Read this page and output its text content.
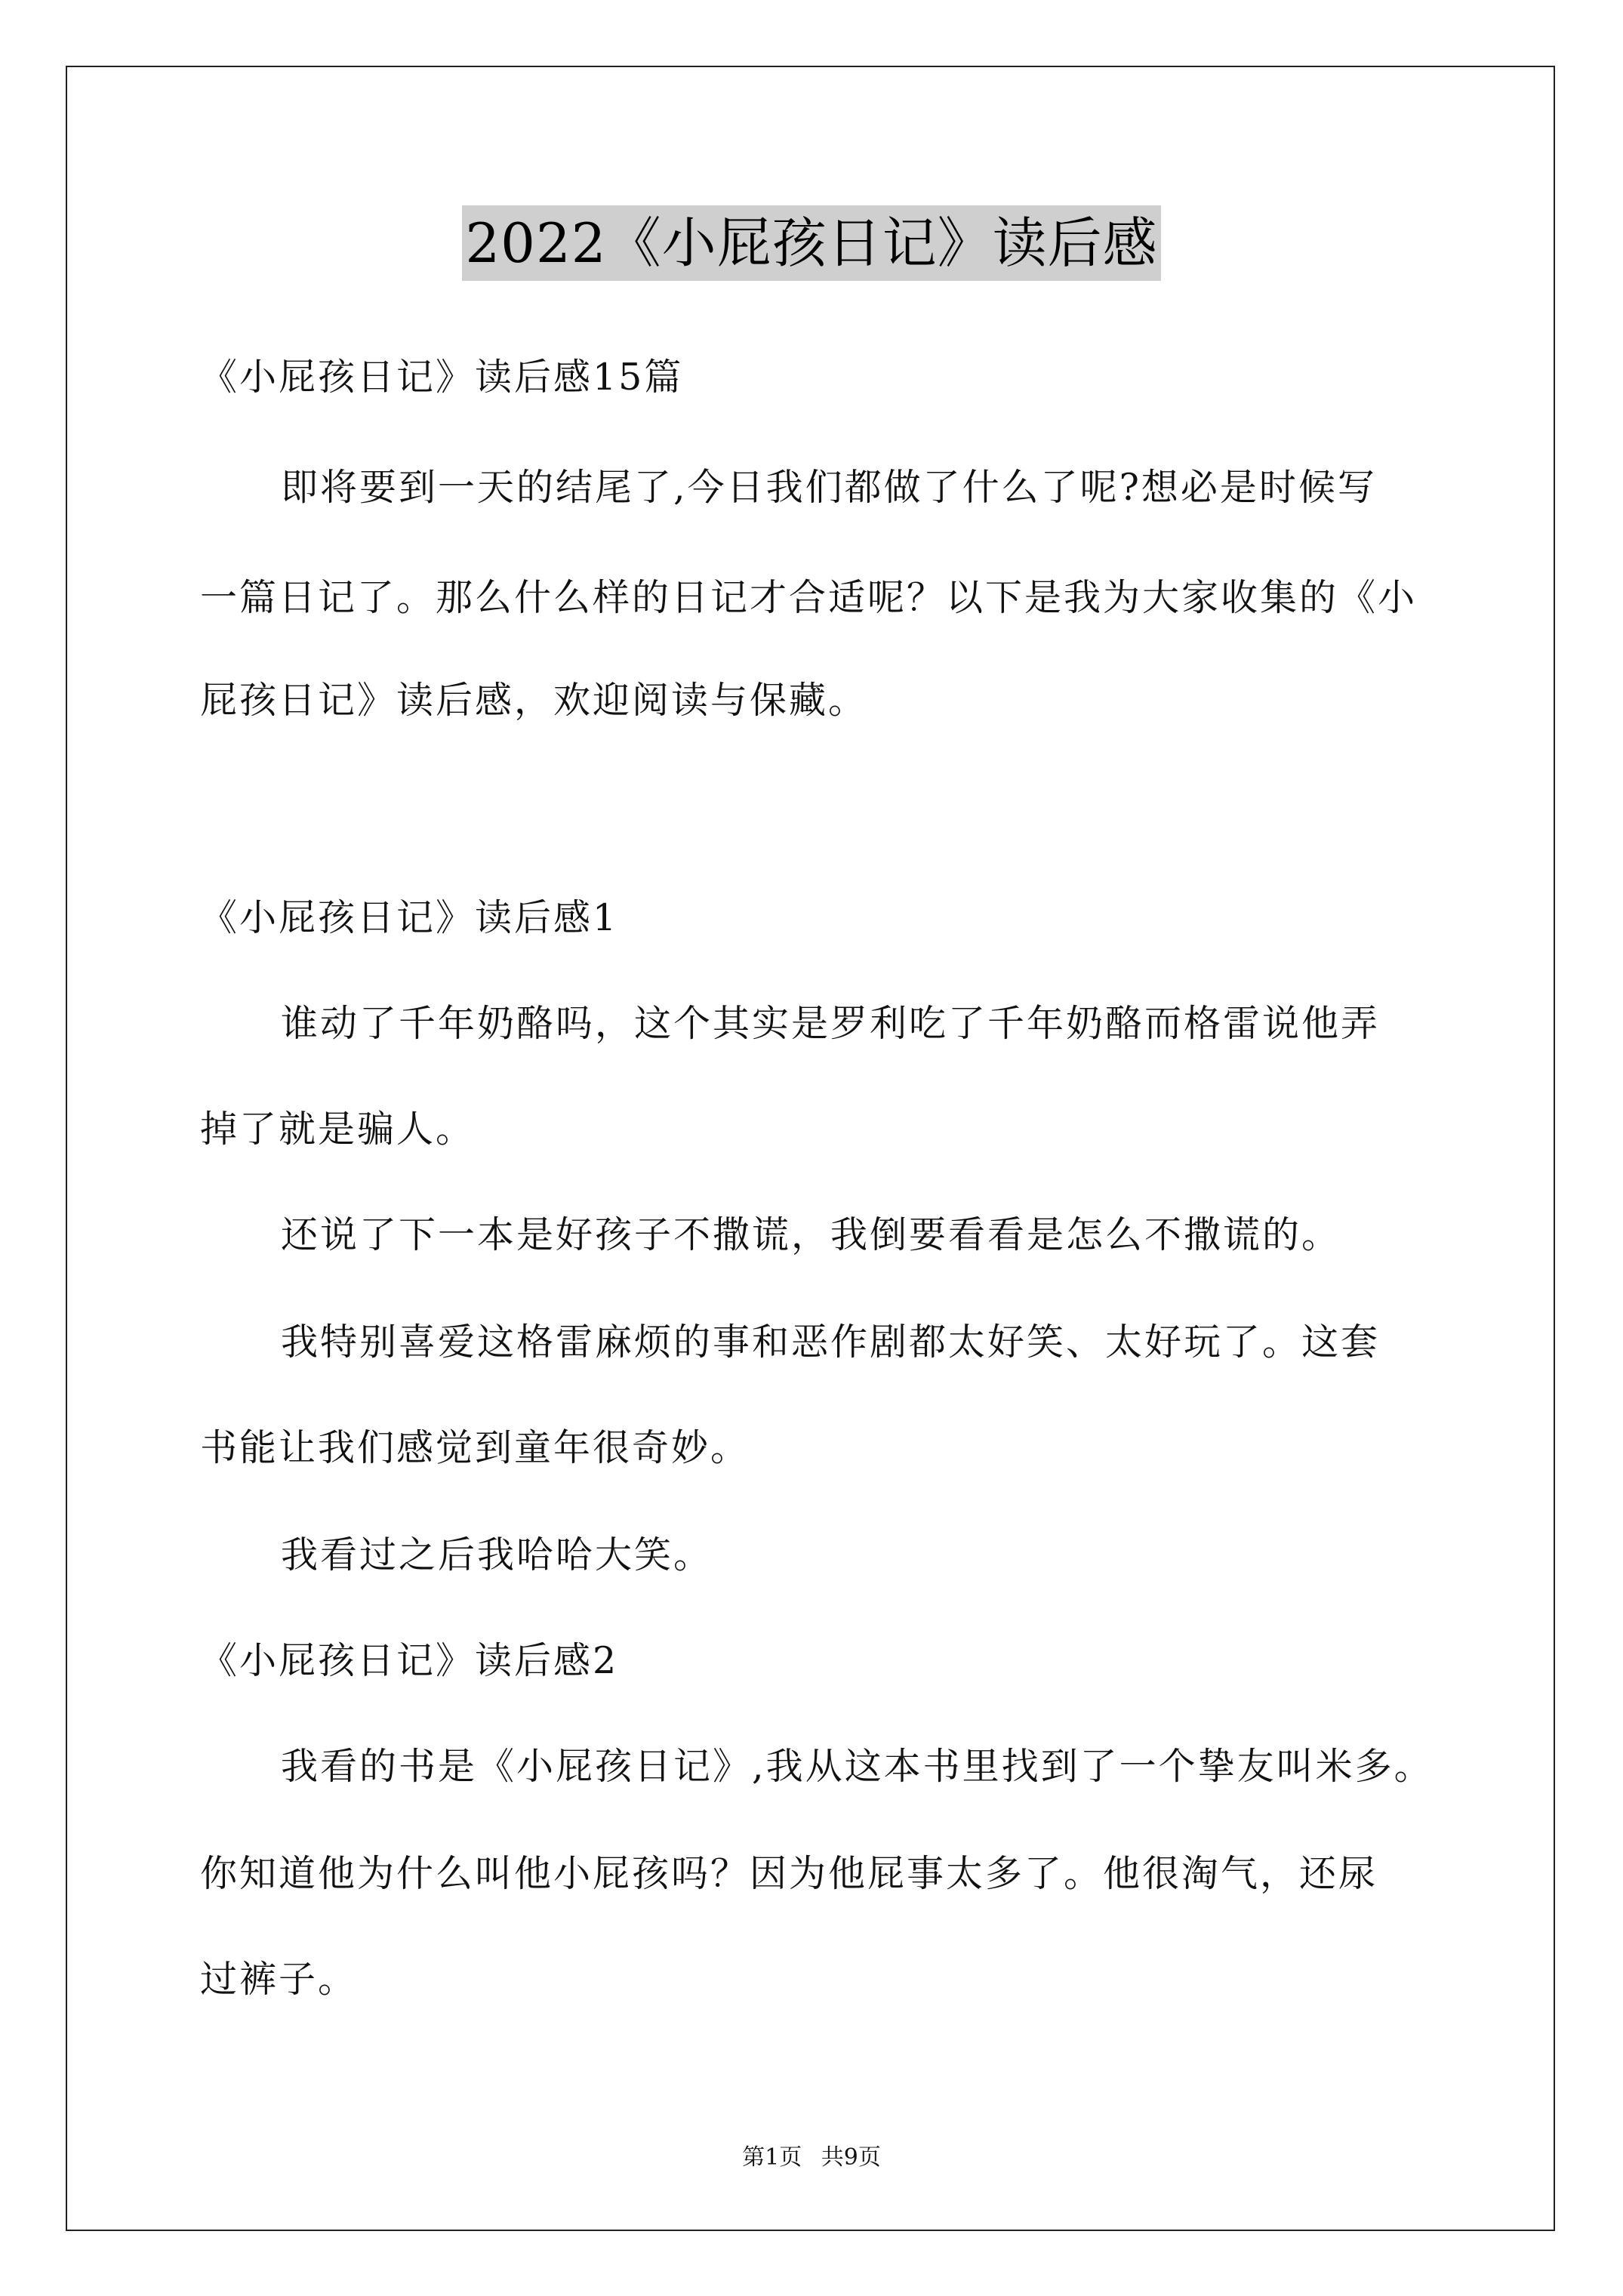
2022《小屁孩日记》读后感
《小屁孩日记》读后感15篇
即将要到一天的结尾了,今日我们都做了什么了呢?想必是时候写
一篇日记了。那么什么样的日记才合适呢？以下是我为大家收集的《小
屁孩日记》读后感，欢迎阅读与保藏。
《小屁孩日记》读后感1
谁动了千年奶酪吗，这个其实是罗利吃了千年奶酪而格雷说他弄
掉了就是骗人。
还说了下一本是好孩子不撒谎，我倒要看看是怎么不撒谎的。
我特别喜爱这格雷麻烦的事和恶作剧都太好笑、太好玩了。这套
书能让我们感觉到童年很奇妙。
我看过之后我哈哈大笑。
《小屁孩日记》读后感2
我看的书是《小屁孩日记》,我从这本书里找到了一个挚友叫米多。
你知道他为什么叫他小屁孩吗？因为他屁事太多了。他很淘气，还尿
过裤子。
第1页 共9页
